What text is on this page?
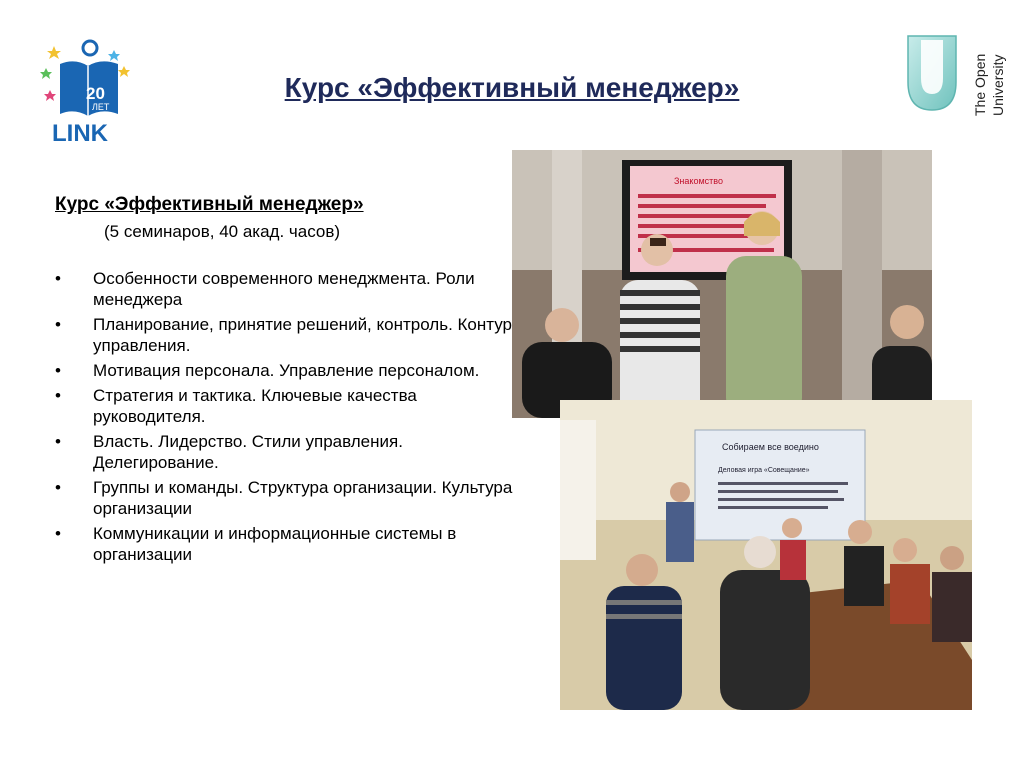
20
ЛЕТ
LINK
Курс «Эффективный менеджер»	The Open University
Курс «Эффективный менеджер»
(5 семинаров, 40 акад. часов)
• Особенности современного менеджмента. Роли менеджера
• Планирование, принятие решений, контроль. Контур управления.
• Мотивация персонала. Управление персоналом.
• Стратегия и тактика. Ключевые качества руководителя.
• Власть. Лидерство. Стили управления. Делегирование.
• Группы и команды. Структура организации. Культура организации
• Коммуникации и информационные системы в организации
Знакомство
Собираем все воедино
Деловая игра «Совещание»
